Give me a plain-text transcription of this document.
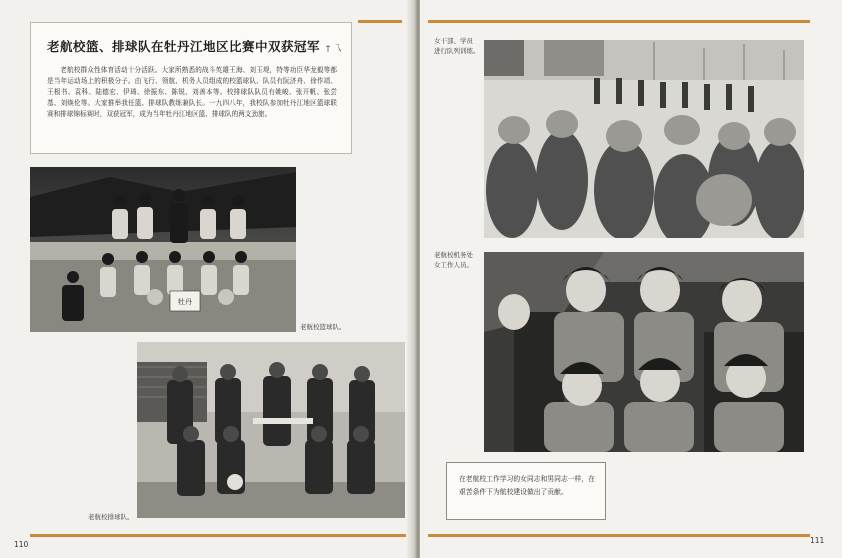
老航校篮、排球队在牡丹江地区比赛中双获冠军 † 乁

老航校群众性体育活动十分活跃。大家所熟悉的战斗英雄王海、刘玉堤，特等功臣华龙毅等都是当年运动场上的积极分子。由飞行、领航、机务人员组成的校篮球队、队员有阮济舟、徐作靖、王根书、袁科、陆德宏、伊琦、徐振东、陈锐、刘善本等。校排球队队员有姚峻、张开帆、张尝基、刘焕伦等。大家推举我任篮、排球队教练兼队长。一九四八年，我校队参加牡丹江地区篮球联赛和排球锦标赛时，双获冠军，成为当年牡丹江地区篮、排球队的两支劲旅。

牡丹
老航校篮球队。
老航校排球队。
110
女干部、学员
进行队列训练。
老航校机务处
女工作人员。
111

在老航校工作学习的女同志和男同志一样，在艰苦条件下为航校建设做出了贡献。
